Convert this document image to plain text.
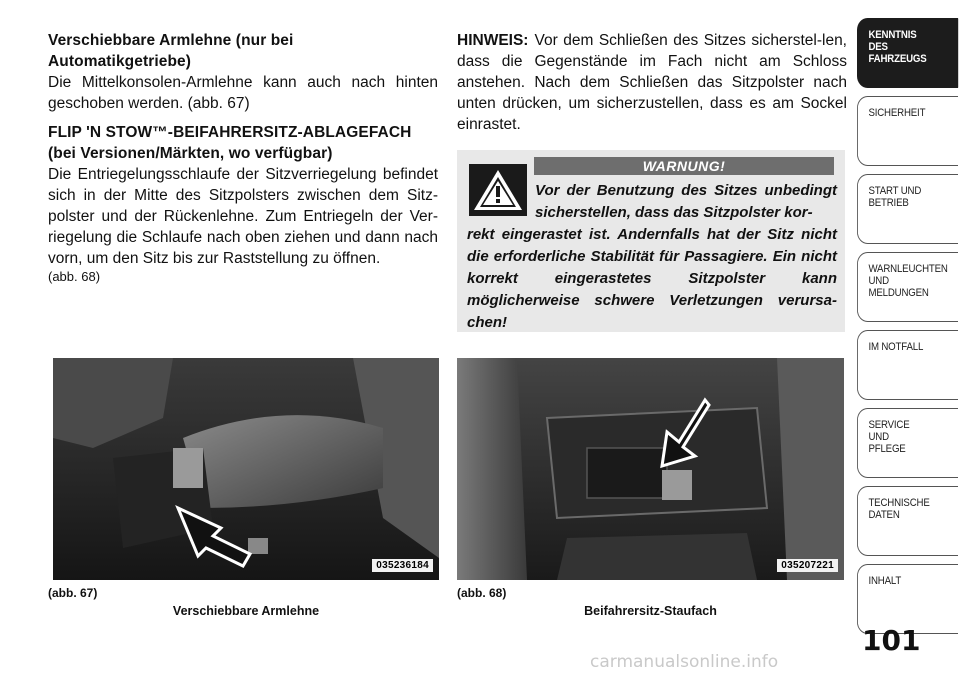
Verschiebbare Armlehne (nur bei Automatikgetriebe)
Die Mittelkonsolen-Armlehne kann auch nach hinten geschoben werden. (abb. 67)
FLIP 'N STOW™-BEIFAHRERSITZ-ABLAGEFACH (bei Versionen/Märkten, wo verfügbar)
Die Entriegelungsschlaufe der Sitzverriegelung befindet sich in der Mitte des Sitzpolsters zwischen dem Sitz-polster und der Rückenlehne. Zum Entriegeln der Ver-riegelung die Schlaufe nach oben ziehen und dann nach vorn, um den Sitz bis zur Raststellung zu öffnen.
(abb. 68)
HINWEIS: Vor dem Schließen des Sitzes sicherstel-len, dass die Gegenstände im Fach nicht am Schloss anstehen. Nach dem Schließen das Sitzpolster nach unten drücken, um sicherzustellen, dass es am Sockel einrastet.
WARNUNG!
Vor der Benutzung des Sitzes unbedingt sicherstellen, dass das Sitzpolster kor-
rekt eingerastet ist. Andernfalls hat der Sitz nicht die erforderliche Stabilität für Passagiere. Ein nicht korrekt eingerastetes Sitzpolster kann möglicherweise schwere Verletzungen verursa-chen!
035236184	035207221
(abb. 67)
Verschiebbare Armlehne
(abb. 68)
Beifahrersitz-Staufach
KENNTNIS
DES
FAHRZEUGS
SICHERHEIT
START UND
BETRIEB
WARNLEUCHTEN
UND
MELDUNGEN
IM NOTFALL
SERVICE
UND
PFLEGE
TECHNISCHE
DATEN
INHALT
101
carmanualsonline.info
